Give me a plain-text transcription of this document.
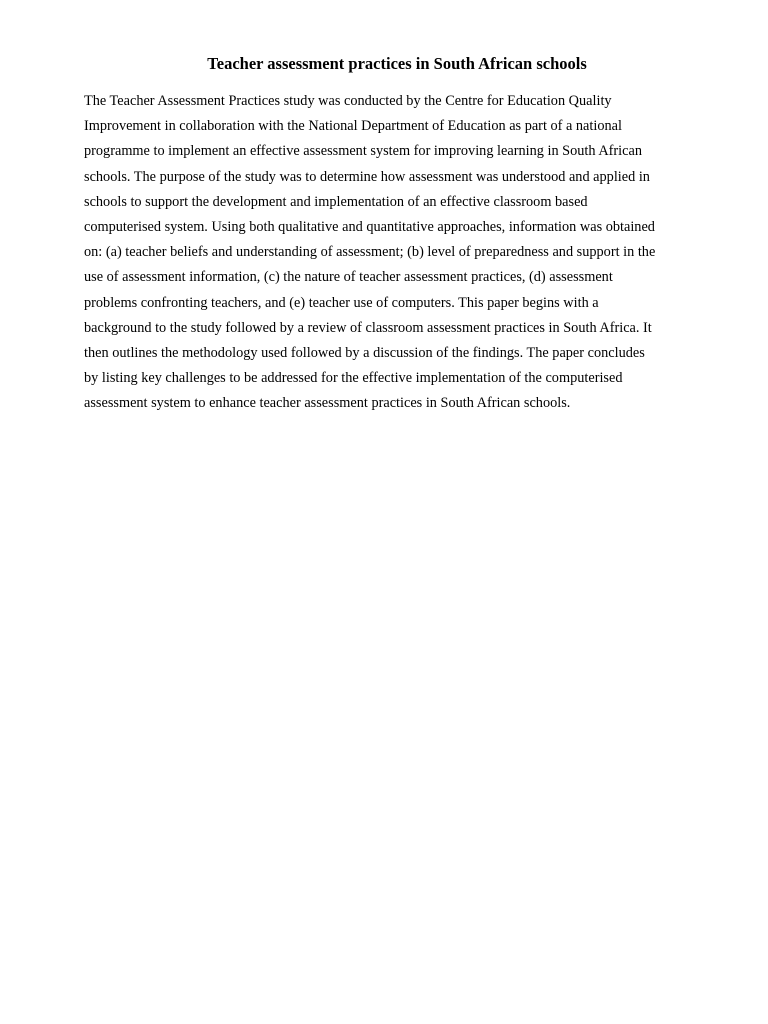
Teacher assessment practices in South African schools

The Teacher Assessment Practices study was conducted by the Centre for Education Quality
Improvement in collaboration with the National Department of Education as part of a national
programme to implement an effective assessment system for improving learning in South African
schools. The purpose of the study was to determine how assessment was understood and applied in
schools to support the development and implementation of an effective classroom based
computerised system. Using both qualitative and quantitative approaches, information was obtained
on: (a) teacher beliefs and understanding of assessment; (b) level of preparedness and support in the
use of assessment information, (c) the nature of teacher assessment practices, (d) assessment
problems confronting teachers, and (e) teacher use of computers. This paper begins with a
background to the study followed by a review of classroom assessment practices in South Africa. It
then outlines the methodology used followed by a discussion of the findings. The paper concludes
by listing key challenges to be addressed for the effective implementation of the computerised
assessment system to enhance teacher assessment practices in South African schools.
